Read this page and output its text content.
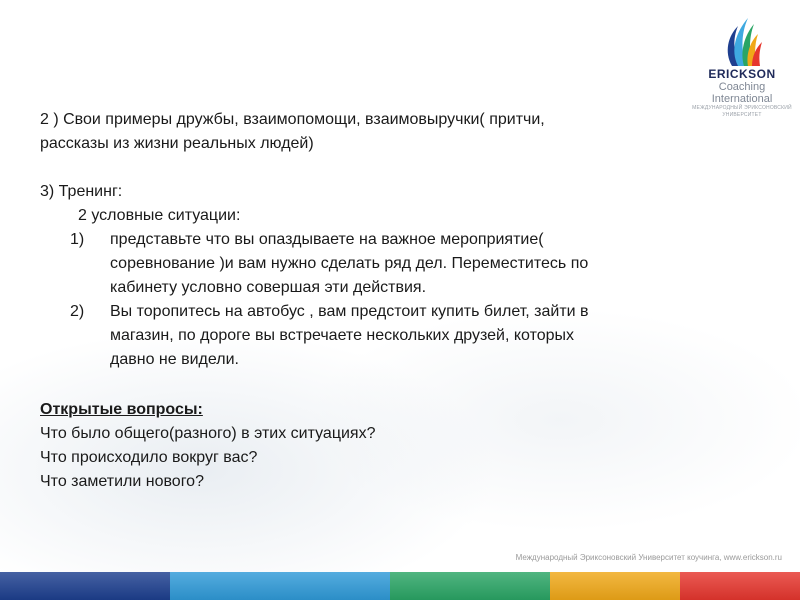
ERICKSON
Coaching International
МЕЖДУНАРОДНЫЙ ЭРИКСОНОВСКИЙ УНИВЕРСИТЕТ
2 ) Свои примеры дружбы, взаимопомощи, взаимовыручки( притчи,
рассказы из жизни реальных людей)
3) Тренинг:
2 условные ситуации:
1) представьте что вы опаздываете на важное мероприятие(
соревнование )и вам нужно сделать ряд дел. Переместитесь по
кабинету условно совершая эти действия.
2) Вы торопитесь на автобус , вам предстоит купить билет, зайти в
магазин, по дороге вы встречаете нескольких друзей, которых
давно не видели.
Открытые вопросы:
Что было общего(разного) в этих ситуациях?
Что происходило вокруг вас?
Что заметили нового?
Международный Эриксоновский Университет коучинга, www.erickson.ru
